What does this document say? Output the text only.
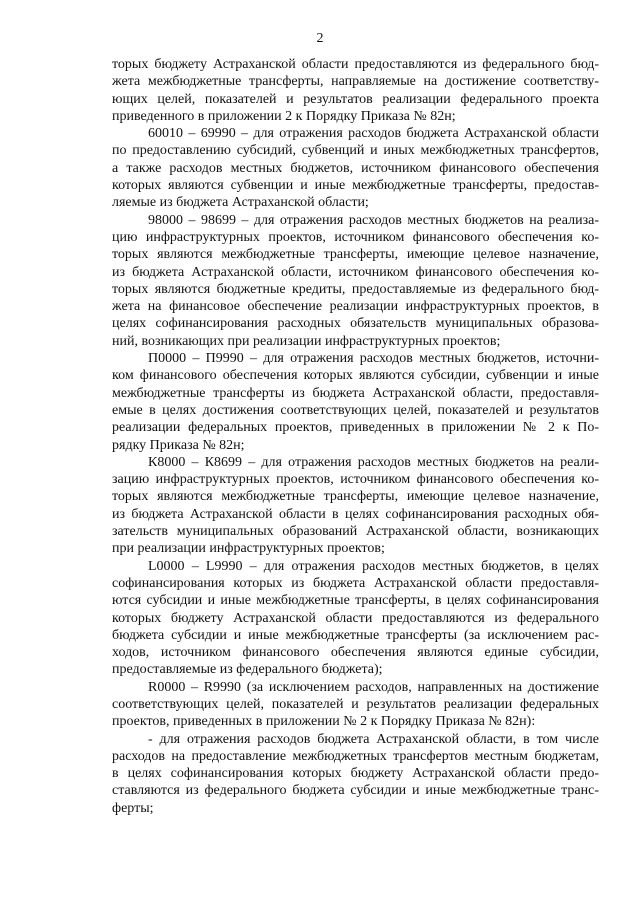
2

торых бюджету Астраханской области предоставляются из федерального бюд-
жета межбюджетные трансферты, направляемые на достижение соответству-
ющих целей, показателей и результатов реализации федерального проекта
приведенного в приложении 2 к Порядку Приказа № 82н;

60010 – 69990 – для отражения расходов бюджета Астраханской области
по предоставлению субсидий, субвенций и иных межбюджетных трансфертов,
а также расходов местных бюджетов, источником финансового обеспечения
которых являются субвенции и иные межбюджетные трансферты, предостав-
ляемые из бюджета Астраханской области;

98000 – 98699 – для отражения расходов местных бюджетов на реализа-
цию инфраструктурных проектов, источником финансового обеспечения ко-
торых являются межбюджетные трансферты, имеющие целевое назначение,
из бюджета Астраханской области, источником финансового обеспечения ко-
торых являются бюджетные кредиты, предоставляемые из федерального бюд-
жета на финансовое обеспечение реализации инфраструктурных проектов, в
целях софинансирования расходных обязательств муниципальных образова-
ний, возникающих при реализации инфраструктурных проектов;

П0000 – П9990 – для отражения расходов местных бюджетов, источни-
ком финансового обеспечения которых являются субсидии, субвенции и иные
межбюджетные трансферты из бюджета Астраханской области, предоставля-
емые в целях достижения соответствующих целей, показателей и результатов
реализации федеральных проектов, приведенных в приложении № 2 к По-
рядку Приказа № 82н;

К8000 – К8699 – для отражения расходов местных бюджетов на реали-
зацию инфраструктурных проектов, источником финансового обеспечения ко-
торых являются межбюджетные трансферты, имеющие целевое назначение,
из бюджета Астраханской области в целях софинансирования расходных обя-
зательств муниципальных образований Астраханской области, возникающих
при реализации инфраструктурных проектов;

L0000 – L9990 – для отражения расходов местных бюджетов, в целях
софинансирования которых из бюджета Астраханской области предоставля-
ются субсидии и иные межбюджетные трансферты, в целях софинансирования
которых бюджету Астраханской области предоставляются из федерального
бюджета субсидии и иные межбюджетные трансферты (за исключением рас-
ходов, источником финансового обеспечения являются единые субсидии,
предоставляемые из федерального бюджета);

R0000 – R9990 (за исключением расходов, направленных на достижение
соответствующих целей, показателей и результатов реализации федеральных
проектов, приведенных в приложении № 2 к Порядку Приказа № 82н):

- для отражения расходов бюджета Астраханской области, в том числе
расходов на предоставление межбюджетных трансфертов местным бюджетам,
в целях софинансирования которых бюджету Астраханской области предо-
ставляются из федерального бюджета субсидии и иные межбюджетные транс-
ферты;
